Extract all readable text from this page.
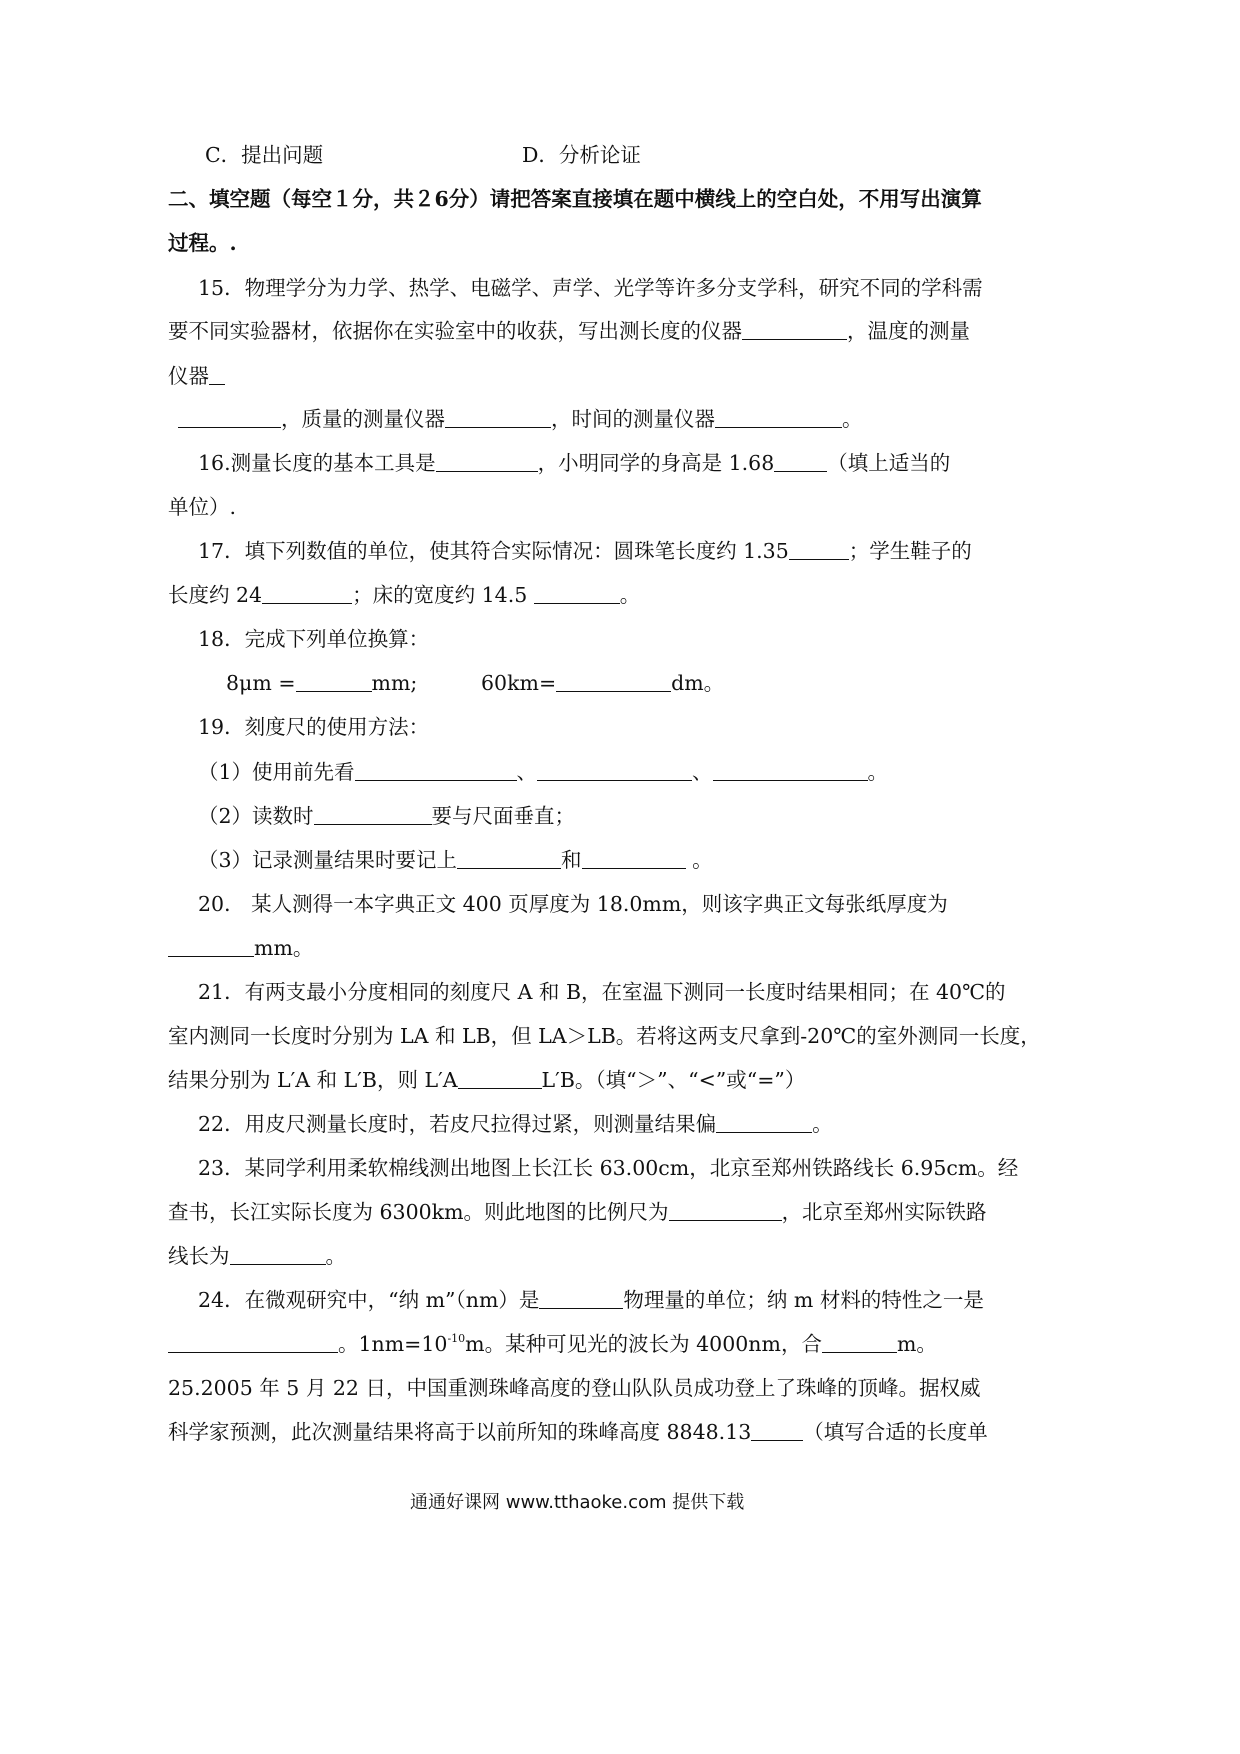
C．提出问题	D．分析论证
二、填空题（每空１分，共２6分）请把答案直接填在题中横线上的空白处，不用写出演算
过程。.
15．物理学分为力学、热学、电磁学、声学、光学等许多分支学科，研究不同的学科需
要不同实验器材，依据你在实验室中的收获，写出测长度的仪器	，温度的测量
仪器
，质量的测量仪器	，时间的测量仪器	。
16.测量长度的基本工具是	，小明同学的身高是 1.68	（填上适当的
单位）.
17．填下列数值的单位，使其符合实际情况：圆珠笔长度约 1.35	；学生鞋子的
长度约 24	；床的宽度约 14.5	。
18．完成下列单位换算：
8μm =	mm;	60km=	dm。
19．刻度尺的使用方法：
（1）使用前先看	、	、	。
（2）读数时	要与尺面垂直；
（3）记录测量结果时要记上	和	。
20． 某人测得一本字典正文 400 页厚度为 18.0mm，则该字典正文每张纸厚度为
mm。
21．有两支最小分度相同的刻度尺 A 和 B，在室温下测同一长度时结果相同；在 40℃的
室内测同一长度时分别为 LA 和 LB，但 LA＞LB。若将这两支尺拿到-20℃的室外测同一长度，
结果分别为 L′A 和 L′B，则 L′A	L′B。（填“＞”、“<”或“=”）
22．用皮尺测量长度时，若皮尺拉得过紧，则测量结果偏	。
23．某同学利用柔软棉线测出地图上长江长 63.00cm，北京至郑州铁路线长 6.95cm。经
查书，长江实际长度为 6300km。则此地图的比例尺为	，北京至郑州实际铁路
线长为	。
24．在微观研究中，“纳 m”（nm）是	物理量的单位；纳 m 材料的特性之一是
。$1nm=10^{-10}m$。某种可见光的波长为 4000nm，合	m。
25.2005 年 5 月 22 日，中国重测珠峰高度的登山队队员成功登上了珠峰的顶峰。据权威
科学家预测，此次测量结果将高于以前所知的珠峰高度 8848.13	（填写合适的长度单
通通好课网 www.tthaoke.com 提供下载
